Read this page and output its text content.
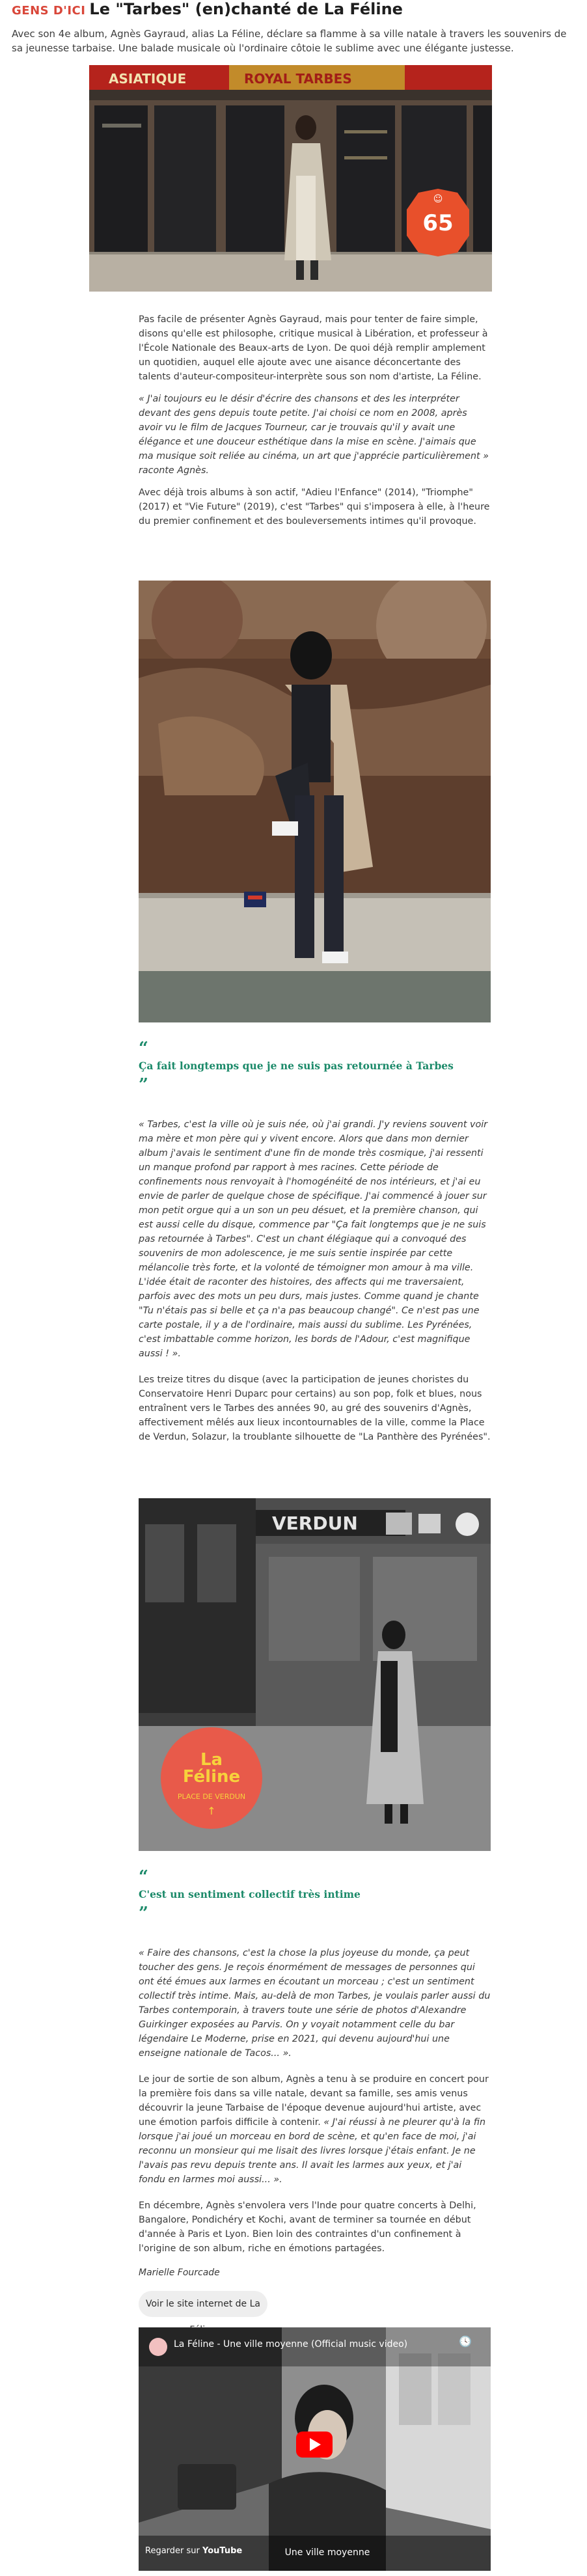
GENS D'ICI Le "Tarbes" (en)chanté de La Féline

Avec son 4e album, Agnès Gayraud, alias La Féline, déclare sa flamme à sa ville natale à travers les souvenirs de sa jeunesse tarbaise. Une balade musicale où l'ordinaire côtoie le sublime avec une élégante justesse.

ASIATIQUE	ROYAL TARBES
65
☺

Pas facile de présenter Agnès Gayraud, mais pour tenter de faire simple, disons qu'elle est philosophe, critique musical à Libération, et professeur à l'École Nationale des Beaux-arts de Lyon. De quoi déjà remplir amplement un quotidien, auquel elle ajoute avec une aisance déconcertante des talents d'auteur-compositeur-interprète sous son nom d'artiste, La Féline.

« J'ai toujours eu le désir d'écrire des chansons et des les interpréter devant des gens depuis toute petite. J'ai choisi ce nom en 2008, après avoir vu le film de Jacques Tourneur, car je trouvais qu'il y avait une élégance et une douceur esthétique dans la mise en scène. J'aimais que ma musique soit reliée au cinéma, un art que j'apprécie particulièrement » raconte Agnès.

Avec déjà trois albums à son actif, "Adieu l'Enfance" (2014), "Triomphe" (2017) et "Vie Future" (2019), c'est "Tarbes" qui s'imposera à elle, à l'heure du premier confinement et des bouleversements intimes qu'il provoque.

“
Ça fait longtemps que je ne suis pas retournée à Tarbes
”

« Tarbes, c'est la ville où je suis née, où j'ai grandi. J'y reviens souvent voir ma mère et mon père qui y vivent encore. Alors que dans mon dernier album j'avais le sentiment d'une fin de monde très cosmique, j'ai ressenti un manque profond par rapport à mes racines. Cette période de confinements nous renvoyait à l'homogénéité de nos intérieurs, et j'ai eu envie de parler de quelque chose de spécifique. J'ai commencé à jouer sur mon petit orgue qui a un son un peu désuet, et la première chanson, qui est aussi celle du disque, commence par "Ça fait longtemps que je ne suis pas retournée à Tarbes". C'est un chant élégiaque qui a convoqué des souvenirs de mon adolescence, je me suis sentie inspirée par cette mélancolie très forte, et la volonté de témoigner mon amour à ma ville. L'idée était de raconter des histoires, des affects qui me traversaient, parfois avec des mots un peu durs, mais justes. Comme quand je chante "Tu n'étais pas si belle et ça n'a pas beaucoup changé". Ce n'est pas une carte postale, il y a de l'ordinaire, mais aussi du sublime. Les Pyrénées, c'est imbattable comme horizon, les bords de l'Adour, c'est magnifique aussi ! ».

Les treize titres du disque (avec la participation de jeunes choristes du Conservatoire Henri Duparc pour certains) au son pop, folk et blues, nous entraînent vers le Tarbes des années 90, au gré des souvenirs d'Agnès, affectivement mêlés aux lieux incontournables de la ville, comme la Place de Verdun, Solazur, la troublante silhouette de "La Panthère des Pyrénées".

VERDUN
La
Féline
PLACE DE VERDUN
↑
“
C'est un sentiment collectif très intime
”

« Faire des chansons, c'est la chose la plus joyeuse du monde, ça peut toucher des gens. Je reçois énormément de messages de personnes qui ont été émues aux larmes en écoutant un morceau ; c'est un sentiment collectif très intime. Mais, au-delà de mon Tarbes, je voulais parler aussi du Tarbes contemporain, à travers toute une série de photos d'Alexandre Guirkinger exposées au Parvis. On y voyait notamment celle du bar légendaire Le Moderne, prise en 2021, qui devenu aujourd'hui une enseigne nationale de Tacos... ».

Le jour de sortie de son album, Agnès a tenu à se produire en concert pour la première fois dans sa ville natale, devant sa famille, ses amis venus découvrir la jeune Tarbaise de l'époque devenue aujourd'hui artiste, avec une émotion parfois difficile à contenir. « J'ai réussi à ne pleurer qu'à la fin lorsque j'ai joué un morceau en bord de scène, et qu'en face de moi, j'ai reconnu un monsieur qui me lisait des livres lorsque j'étais enfant. Je ne l'avais pas revu depuis trente ans. Il avait les larmes aux yeux, et j'ai fondu en larmes moi aussi... ».

En décembre, Agnès s'envolera vers l'Inde pour quatre concerts à Delhi, Bangalore, Pondichéry et Kochi, avant de terminer sa tournée en début d'année à Paris et Lyon. Bien loin des contraintes d'un confinement à l'origine de son album, riche en émotions partagées.

Marielle Fourcade
Voir le site internet de La
La Féline - Une ville moyenne (Official music video)	🕓
Regarder sur YouTube	Une ville moyenne
